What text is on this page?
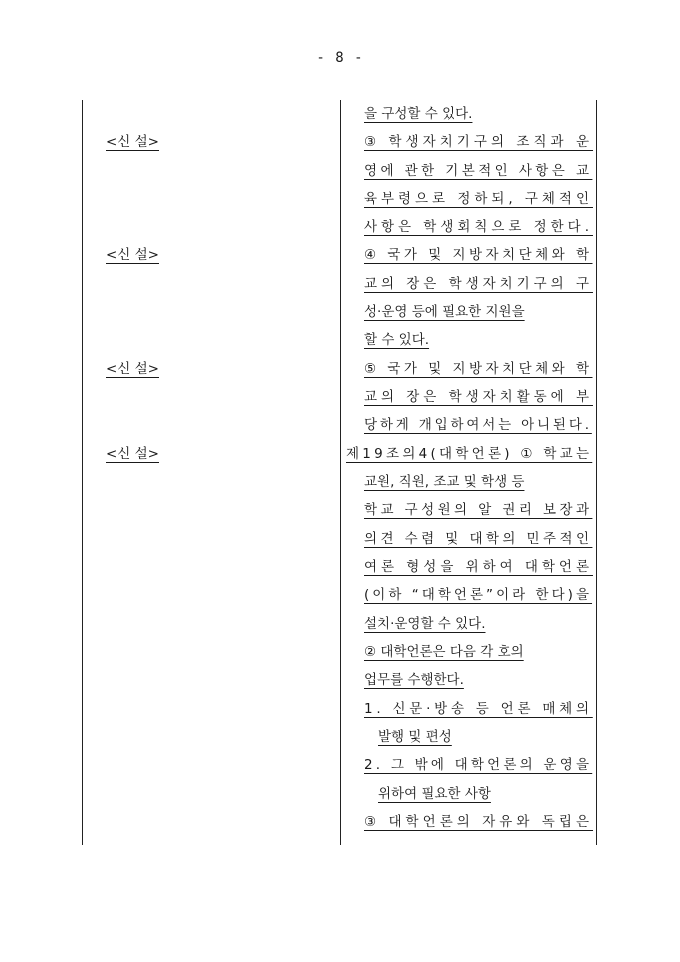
- 8 -
<신 설>
<신 설>
<신 설>
<신 설>
을 구성할 수 있다.
③ 학생자치기구의 조직과 운
영에 관한 기본적인 사항은 교
육부령으로 정하되, 구체적인
사항은 학생회칙으로 정한다.
④ 국가 및 지방자치단체와 학
교의 장은 학생자치기구의 구
성·운영 등에 필요한 지원을
할 수 있다.
⑤ 국가 및 지방자치단체와 학
교의 장은 학생자치활동에 부
당하게 개입하여서는 아니된다.
제19조의4(대학언론) ① 학교는
교원, 직원, 조교 및 학생 등
학교 구성원의 알 권리 보장과
의견 수렴 및 대학의 민주적인
여론 형성을 위하여 대학언론
(이하 “대학언론”이라 한다)을
설치·운영할 수 있다.
② 대학언론은 다음 각 호의
업무를 수행한다.
1. 신문·방송 등 언론 매체의
발행 및 편성
2. 그 밖에 대학언론의 운영을
위하여 필요한 사항
③ 대학언론의 자유와 독립은
